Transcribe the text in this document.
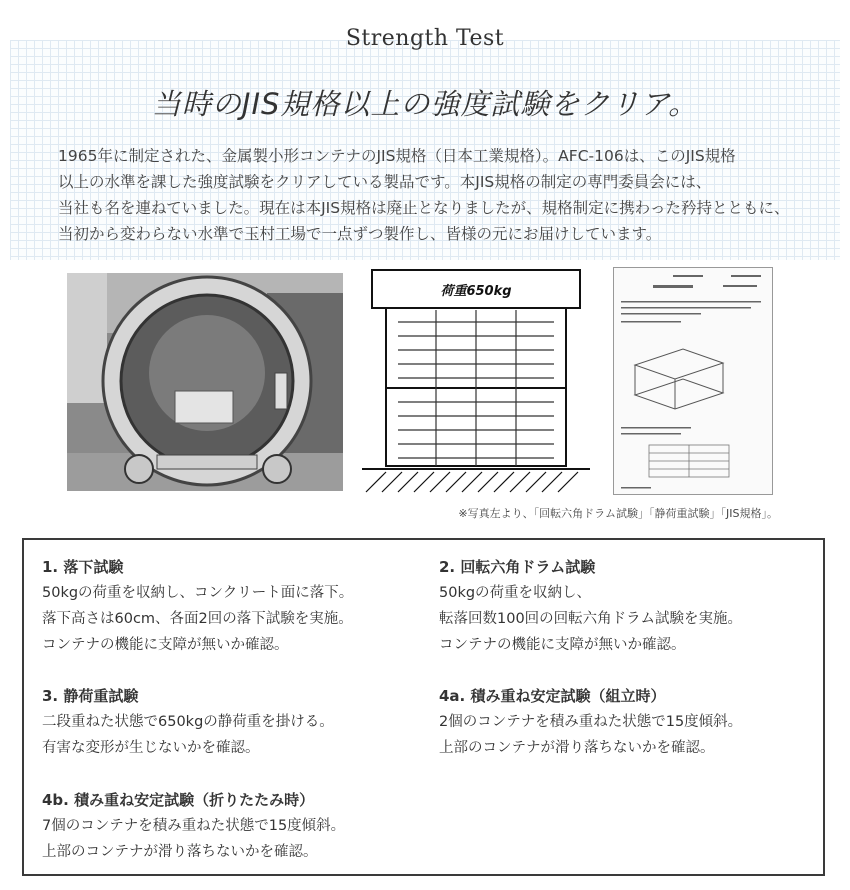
Strength Test
当時のJIS規格以上の強度試験をクリア。
1965年に制定された、金属製小形コンテナのJIS規格（日本工業規格）。AFC-106は、このJIS規格
以上の水準を課した強度試験をクリアしている製品です。本JIS規格の制定の専門委員会には、
当社も名を連ねていました。現在は本JIS規格は廃止となりましたが、規格制定に携わった矜持とともに、
当初から変わらない水準で玉村工場で一点ずつ製作し、皆様の元にお届けしています。
荷重650kg
※写真左より、「回転六角ドラム試験」「静荷重試験」「JIS規格」。
1. 落下試験
50kgの荷重を収納し、コンクリート面に落下。
落下高さは60cm、各面2回の落下試験を実施。
コンテナの機能に支障が無いか確認。
2. 回転六角ドラム試験
50kgの荷重を収納し、
転落回数100回の回転六角ドラム試験を実施。
コンテナの機能に支障が無いか確認。
3. 静荷重試験
二段重ねた状態で650kgの静荷重を掛ける。
有害な変形が生じないかを確認。
4a. 積み重ね安定試験（組立時）
2個のコンテナを積み重ねた状態で15度傾斜。
上部のコンテナが滑り落ちないかを確認。
4b. 積み重ね安定試験（折りたたみ時）
7個のコンテナを積み重ねた状態で15度傾斜。
上部のコンテナが滑り落ちないかを確認。
